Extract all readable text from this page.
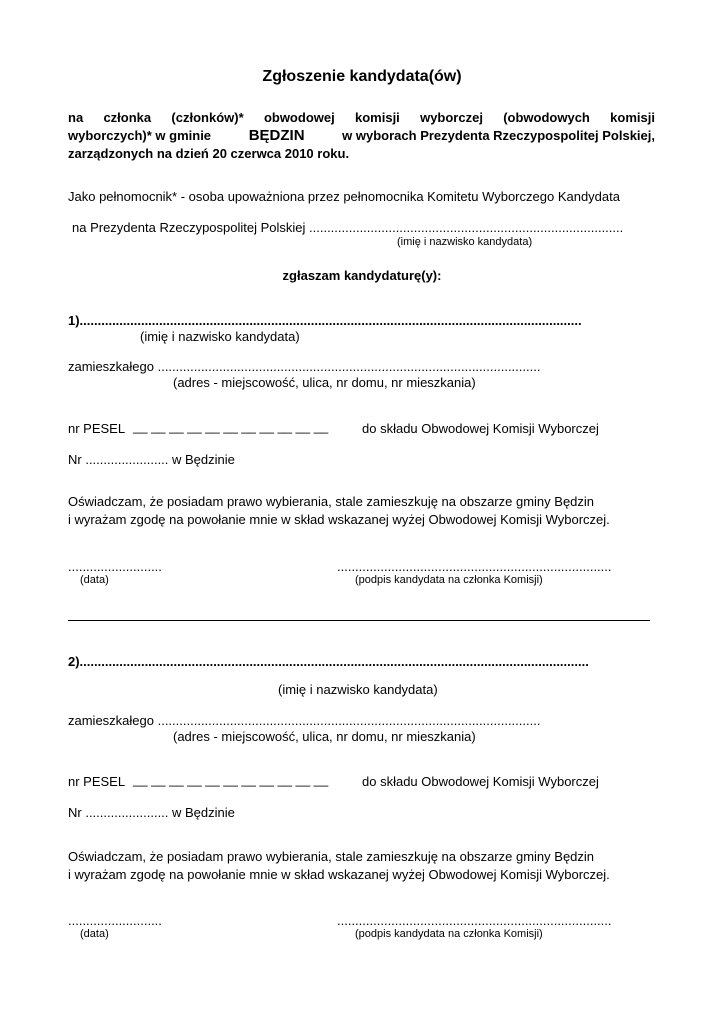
Zgłoszenie kandydata(ów)
na członka (członków)* obwodowej komisji wyborczej (obwodowych komisji
wyborczych)* w gminie	BĘDZIN	w wyborach Prezydenta Rzeczypospolitej Polskiej,
zarządzonych na dzień 20 czerwca 2010 roku.
Jako pełnomocnik* - osoba upoważniona przez pełnomocnika Komitetu Wyborczego Kandydata
na Prezydenta Rzeczypospolitej Polskiej .......................................................................................
(imię i nazwisko kandydata)
zgłaszam kandydaturę(y):
1)...........................................................................................................................................
(imię i nazwisko kandydata)
zamieszkałego ..........................................................................................................
(adres - miejscowość, ulica, nr domu, nr mieszkania)
nr PESEL __ __ __ __ __ __ __ __ __ __ __	do składu Obwodowej Komisji Wyborczej
Nr ....................... w Będzinie
Oświadczam, że posiadam prawo wybierania, stale zamieszkuję na obszarze gminy Będzin
i wyrażam zgodę na powołanie mnie w skład wskazanej wyżej Obwodowej Komisji Wyborczej.
..........................
(data)
............................................................................
(podpis kandydata na członka Komisji)
2).............................................................................................................................................
(imię i nazwisko kandydata)
zamieszkałego ..........................................................................................................
(adres - miejscowość, ulica, nr domu, nr mieszkania)
nr PESEL __ __ __ __ __ __ __ __ __ __ __	do składu Obwodowej Komisji Wyborczej
Nr ....................... w Będzinie
Oświadczam, że posiadam prawo wybierania, stale zamieszkuję na obszarze gminy Będzin
i wyrażam zgodę na powołanie mnie w skład wskazanej wyżej Obwodowej Komisji Wyborczej.
..........................
(data)
............................................................................
(podpis kandydata na członka Komisji)
